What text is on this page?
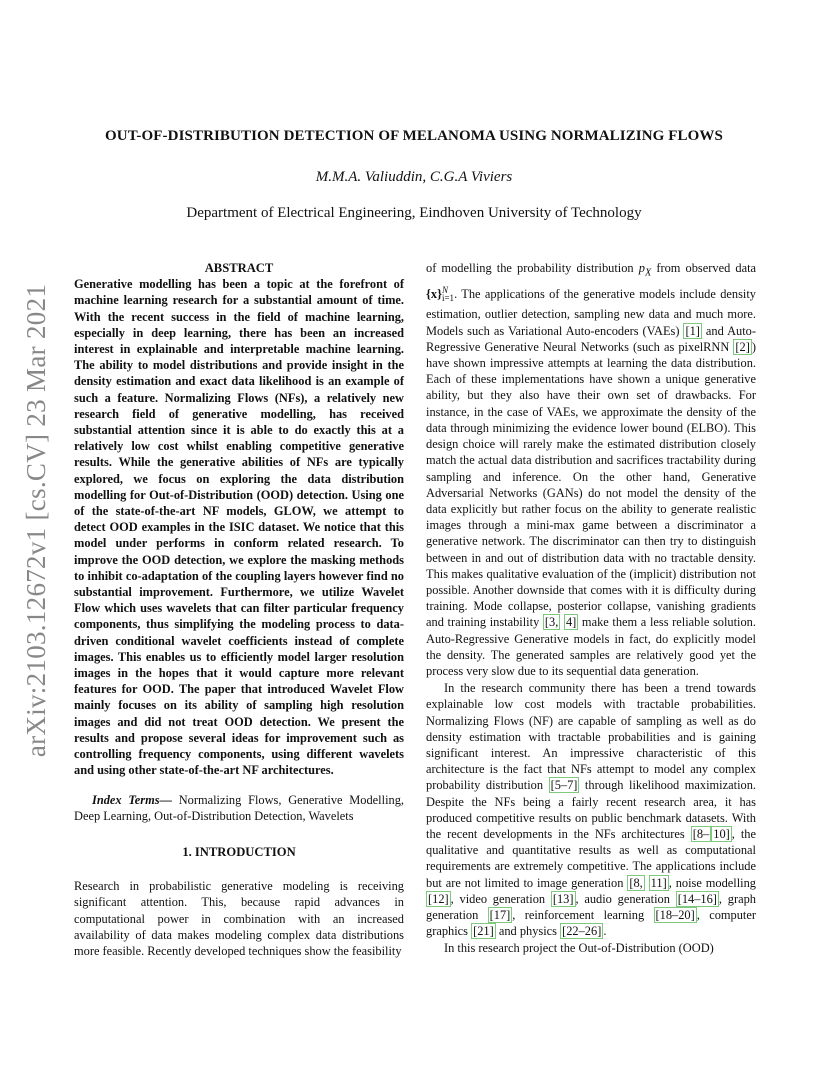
arXiv:2103.12672v1 [cs.CV] 23 Mar 2021
OUT-OF-DISTRIBUTION DETECTION OF MELANOMA USING NORMALIZING FLOWS
M.M.A. Valiuddin, C.G.A Viviers
Department of Electrical Engineering, Eindhoven University of Technology

ABSTRACT

Generative modelling has been a topic at the forefront of machine learning research for a substantial amount of time. With the recent success in the field of machine learning, especially in deep learning, there has been an increased interest in explainable and interpretable machine learning. The ability to model distributions and provide insight in the density estimation and exact data likelihood is an example of such a feature. Normalizing Flows (NFs), a relatively new research field of generative modelling, has received substantial attention since it is able to do exactly this at a relatively low cost whilst enabling competitive generative results. While the generative abilities of NFs are typically explored, we focus on exploring the data distribution modelling for Out-of-Distribution (OOD) detection. Using one of the state-of-the-art NF models, GLOW, we attempt to detect OOD examples in the ISIC dataset. We notice that this model under performs in conform related research. To improve the OOD detection, we explore the masking methods to inhibit co-adaptation of the coupling layers however find no substantial improvement. Furthermore, we utilize Wavelet Flow which uses wavelets that can filter particular frequency components, thus simplifying the modeling process to data-driven conditional wavelet coefficients instead of complete images. This enables us to efficiently model larger resolution images in the hopes that it would capture more relevant features for OOD. The paper that introduced Wavelet Flow mainly focuses on its ability of sampling high resolution images and did not treat OOD detection. We present the results and propose several ideas for improvement such as controlling frequency components, using different wavelets and using other state-of-the-art NF architectures.

Index Terms— Normalizing Flows, Generative Modelling, Deep Learning, Out-of-Distribution Detection, Wavelets

1. INTRODUCTION

Research in probabilistic generative modeling is receiving significant attention. This, because rapid advances in computational power in combination with an increased availability of data makes modeling complex data distributions more feasible. Recently developed techniques show the feasibility

of modelling the probability distribution $p_X$ from observed data $\{x\}^N_{i=1}$. The applications of the generative models include density estimation, outlier detection, sampling new data and much more. Models such as Variational Auto-encoders (VAEs) [1] and Auto-Regressive Generative Neural Networks (such as pixelRNN [2] ) have shown impressive attempts at learning the data distribution. Each of these implementations have shown a unique generative ability, but they also have their own set of drawbacks. For instance, in the case of VAEs, we approximate the density of the data through minimizing the evidence lower bound (ELBO). This design choice will rarely make the estimated distribution closely match the actual data distribution and sacrifices tractability during sampling and inference. On the other hand, Generative Adversarial Networks (GANs) do not model the density of the data explicitly but rather focus on the ability to generate realistic images through a mini-max game between a discriminator a generative network. The discriminator can then try to distinguish between in and out of distribution data with no tractable density. This makes qualitative evaluation of the (implicit) distribution not possible. Another downside that comes with it is difficulty during training. Mode collapse, posterior collapse, vanishing gradients and training instability [3, 4] make them a less reliable solution. Auto-Regressive Generative models in fact, do explicitly model the density. The generated samples are relatively good yet the process very slow due to its sequential data generation.

In the research community there has been a trend towards explainable low cost models with tractable probabilities. Normalizing Flows (NF) are capable of sampling as well as do density estimation with tractable probabilities and is gaining significant interest. An impressive characteristic of this architecture is the fact that NFs attempt to model any complex probability distribution [5–7] through likelihood maximization. Despite the NFs being a fairly recent research area, it has produced competitive results on public benchmark datasets. With the recent developments in the NFs architectures [8– 10] , the qualitative and quantitative results as well as computational requirements are extremely competitive. The applications include but are not limited to image generation [8, 11] , noise modelling [12] , video generation [13] , audio generation [14–16] , graph generation [17] , reinforcement learning [18–20] , computer graphics [21] and physics [22–26] .

In this research project the Out-of-Distribution (OOD)
